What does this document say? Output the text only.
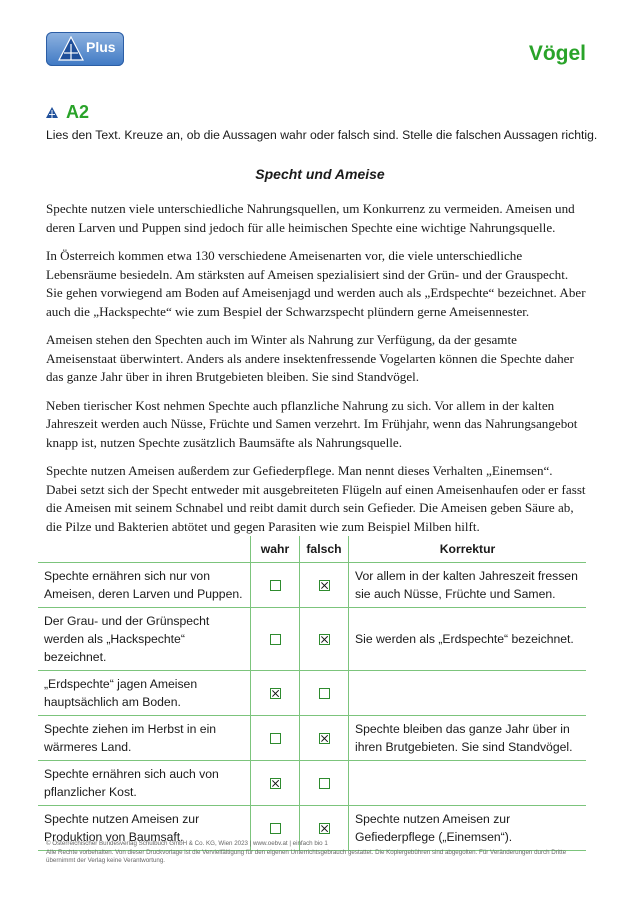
Plus	Vögel
A2
Lies den Text. Kreuze an, ob die Aussagen wahr oder falsch sind. Stelle die falschen Aussagen richtig.
Specht und Ameise

Spechte nutzen viele unterschiedliche Nahrungsquellen, um Konkurrenz zu vermeiden. Ameisen und deren Larven und Puppen sind jedoch für alle heimischen Spechte eine wichtige Nahrungsquelle.

In Österreich kommen etwa 130 verschiedene Ameisenarten vor, die viele unterschiedliche Lebensräume besiedeln. Am stärksten auf Ameisen spezialisiert sind der Grün- und der Grauspecht. Sie gehen vorwiegend am Boden auf Ameisenjagd und werden auch als „Erdspechte“ bezeichnet. Aber auch die „Hackspechte“ wie zum Bespiel der Schwarzspecht plündern gerne Ameisennester.

Ameisen stehen den Spechten auch im Winter als Nahrung zur Verfügung, da der gesamte Ameisenstaat überwintert. Anders als andere insektenfressende Vogelarten können die Spechte daher das ganze Jahr über in ihren Brutgebieten bleiben. Sie sind Standvögel.

Neben tierischer Kost nehmen Spechte auch pflanzliche Nahrung zu sich. Vor allem in der kalten Jahreszeit werden auch Nüsse, Früchte und Samen verzehrt. Im Frühjahr, wenn das Nahrungsangebot knapp ist, nutzen Spechte zusätzlich Baumsäfte als Nahrungsquelle.

Spechte nutzen Ameisen außerdem zur Gefiederpflege. Man nennt dieses Verhalten „Einemsen“. Dabei setzt sich der Specht entweder mit ausgebreiteten Flügeln auf einen Ameisenhaufen oder er fasst die Ameisen mit seinem Schnabel und reibt damit durch sein Gefieder. Die Ameisen geben Säure ab, die Pilze und Bakterien abtötet und gegen Parasiten wie zum Beispiel Milben hilft.

	wahr	falsch	Korrektur
Spechte ernähren sich nur von Ameisen, deren Larven und Puppen.			Vor allem in der kalten Jahreszeit fressen sie auch Nüsse, Früchte und Samen.
Der Grau- und der Grünspecht werden als „Hackspechte“ bezeichnet.			Sie werden als „Erdspechte“ bezeichnet.
„Erdspechte“ jagen Ameisen hauptsächlich am Boden.			
Spechte ziehen im Herbst in ein wärmeres Land.			Spechte bleiben das ganze Jahr über in ihren Brutgebieten. Sie sind Standvögel.
Spechte ernähren sich auch von pflanzlicher Kost.			
Spechte nutzen Ameisen zur Produktion von Baumsaft.			Spechte nutzen Ameisen zur Gefiederpflege („Einemsen“).
© Österreichischer Bundesverlag Schulbuch GmbH & Co. KG, Wien 2023 | www.oebv.at | einfach bio 1
Alle Rechte vorbehalten. Von dieser Druckvorlage ist die Vervielfältigung für den eigenen Unterrichtsgebrauch gestattet. Die Kopiergebühren sind abgegolten. Für Veränderungen durch Dritte übernimmt der Verlag keine Verantwortung.
